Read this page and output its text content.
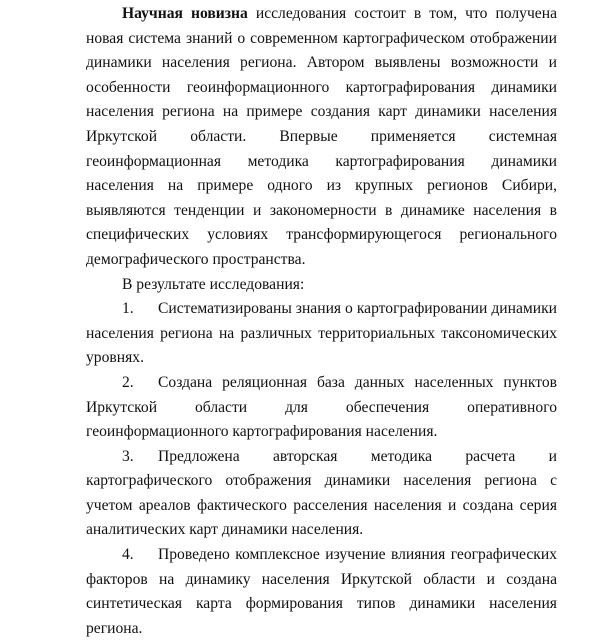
Научная новизна исследования состоит в том, что получена новая система знаний о современном картографическом отображении динамики населения региона. Автором выявлены возможности и особенности геоинформационного картографирования динамики населения региона на примере создания карт динамики населения Иркутской области. Впервые применяется системная геоинформационная методика картографирования динамики населения на примере одного из крупных регионов Сибири, выявляются тенденции и закономерности в динамике населения в специфических условиях трансформирующегося регионального демографического пространства.

В результате исследования:

1. Систематизированы знания о картографировании динамики населения региона на различных территориальных таксономических уровнях.

2. Создана реляционная база данных населенных пунктов Иркутской области для обеспечения оперативного геоинформационного картографирования населения.

3. Предложена авторская методика расчета и картографического отображения динамики населения региона с учетом ареалов фактического расселения населения и создана серия аналитических карт динамики населения.

4. Проведено комплексное изучение влияния географических факторов на динамику населения Иркутской области и создана синтетическая карта формирования типов динамики населения региона.
